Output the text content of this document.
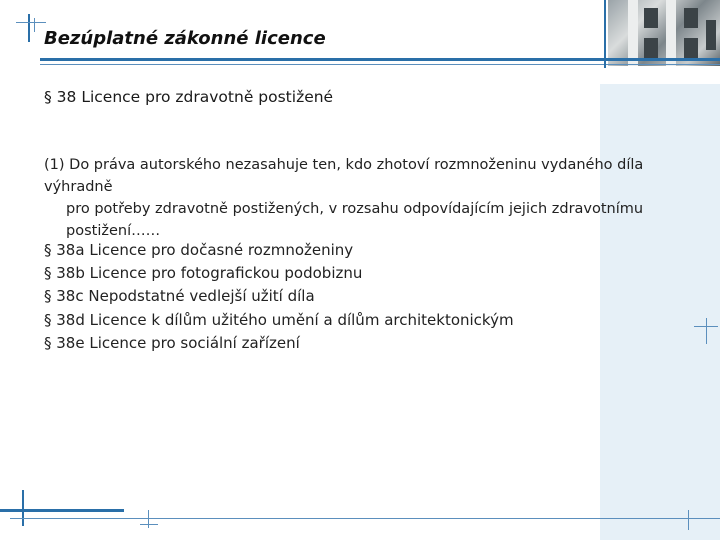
Bezúplatné zákonné licence
§ 38 Licence pro zdravotně postižené
(1) Do práva autorského nezasahuje ten, kdo zhotoví rozmnoženinu vydaného díla výhradně
pro potřeby zdravotně postižených, v rozsahu odpovídajícím jejich zdravotnímu
postižení……
§ 38a Licence pro dočasné rozmnoženiny
§ 38b Licence pro fotografickou podobiznu
§ 38c Nepodstatné vedlejší užití díla
§ 38d Licence k dílům užitého umění a dílům architektonickým
§ 38e Licence pro sociální zařízení
